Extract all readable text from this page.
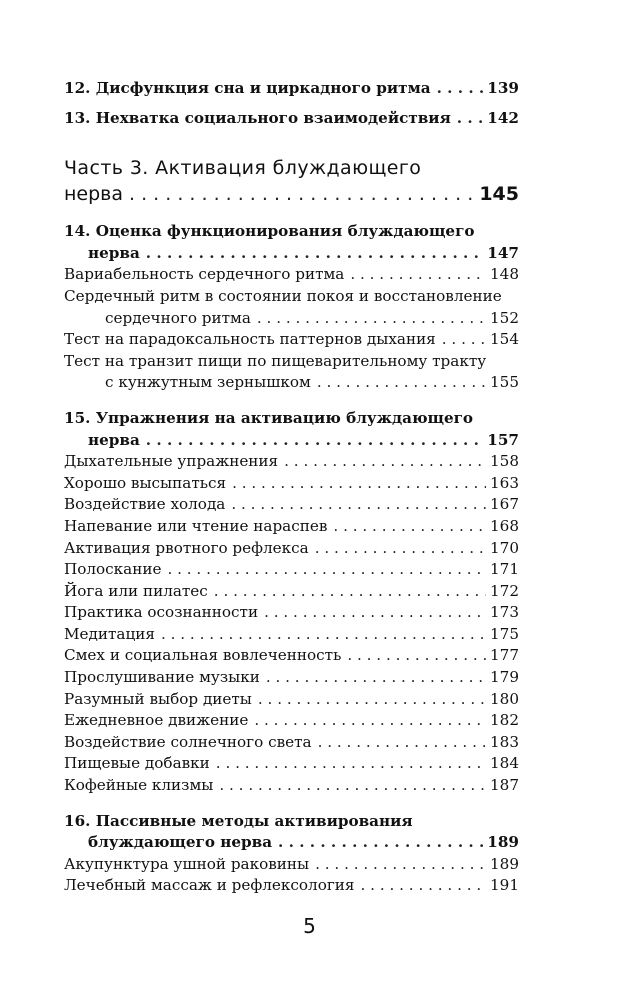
12. Дисфункция сна и циркадного ритма . . .	139
13. Нехватка социального взаимодействия . . . 142
Часть 3. Активация блуждающего
нерва . . .	145
14. Оценка функционирования блуждающего
нерва . . .	147
Вариабельность сердечного ритма . . .	148
Сердечный ритм в состоянии покоя и восстановление
сердечного ритма . . .	152
Тест на парадоксальность паттернов дыхания . . .	154
Тест на транзит пищи по пищеварительному тракту
с кунжутным зернышком . . .	155
15. Упражнения на активацию блуждающего
нерва . . .	157
Дыхательные упражнения . . .	158
Хорошо высыпаться . . .	163
Воздействие холода . . .	167
Напевание или чтение нараспев . . .	168
Активация рвотного рефлекса . . .	170
Полоскание . . .	171
Йога или пилатес . . .	172
Практика осознанности . . .	173
Медитация . . .	175
Смех и социальная вовлеченность . . .	177
Прослушивание музыки . . .	179
Разумный выбор диеты . . .	180
Ежедневное движение . . .	182
Воздействие солнечного света . . .	183
Пищевые добавки . . .	184
Кофейные клизмы . . .	187
16. Пассивные методы активирования
блуждающего нерва . . .	189
Акупунктура ушной раковины . . .	189
Лечебный массаж и рефлексология . . .	191
5
